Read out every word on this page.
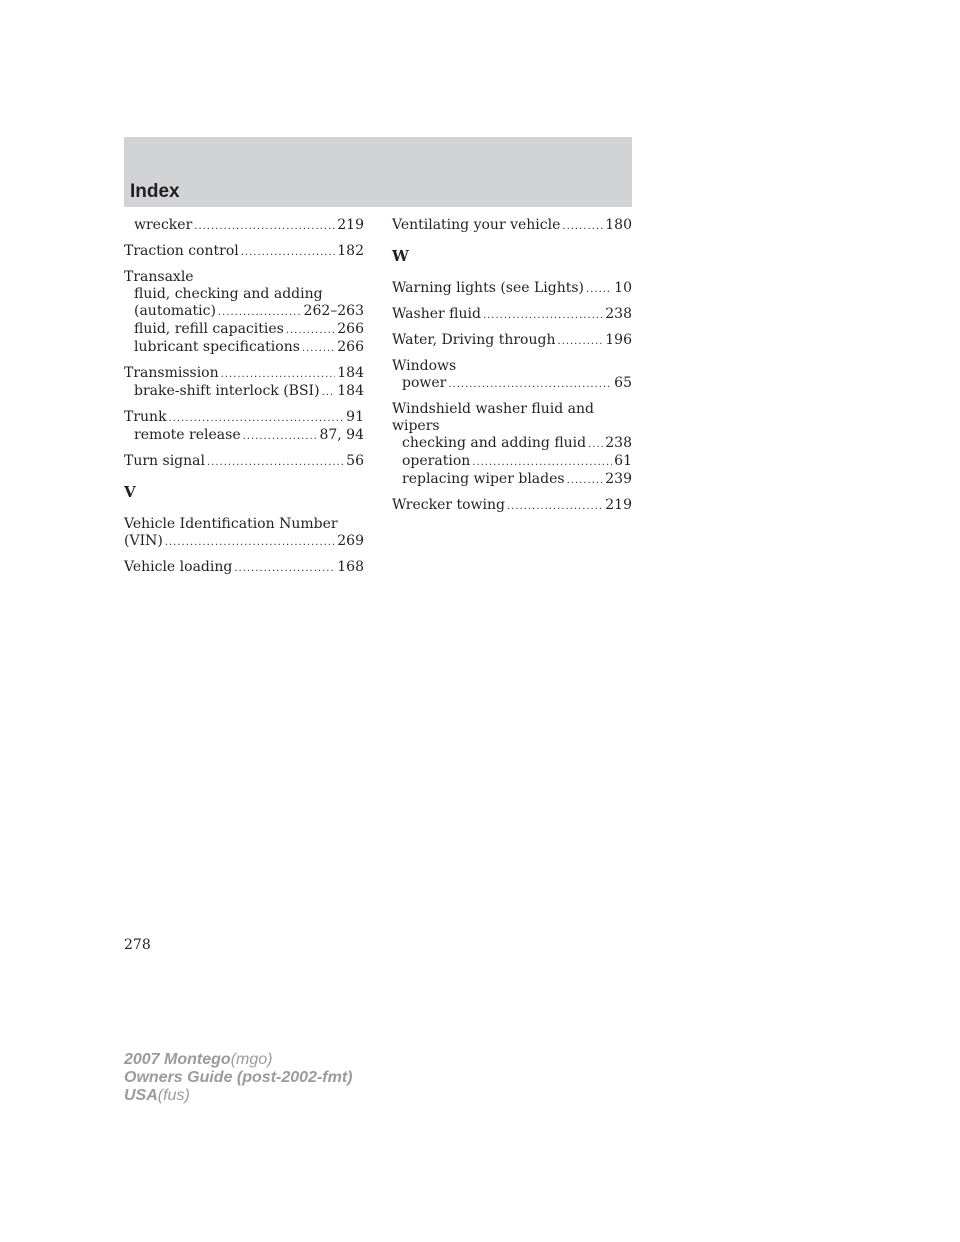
Index
wrecker .....	219
Traction control .....	182
Transaxle
fluid, checking and adding
(automatic) .....	262–263
fluid, refill capacities .....	266
lubricant specifications .....	266
Transmission .....	184
brake-shift interlock (BSI) ..... 184
Trunk .....	91
remote release .....	87, 94
Turn signal .....	56
V
Vehicle Identification Number
(VIN) .....	269
Vehicle loading .....	168
Ventilating your vehicle .....	180
W
Warning lights (see Lights) ..... 10
Washer fluid .....	238
Water, Driving through .....	196
Windows
power .....	65
Windshield washer fluid and
wipers
checking and adding fluid ..... 238
operation .....	61
replacing wiper blades .....	239
Wrecker towing .....	219
278
2007 Montego(mgo)
Owners Guide (post-2002-fmt)
USA(fus)
